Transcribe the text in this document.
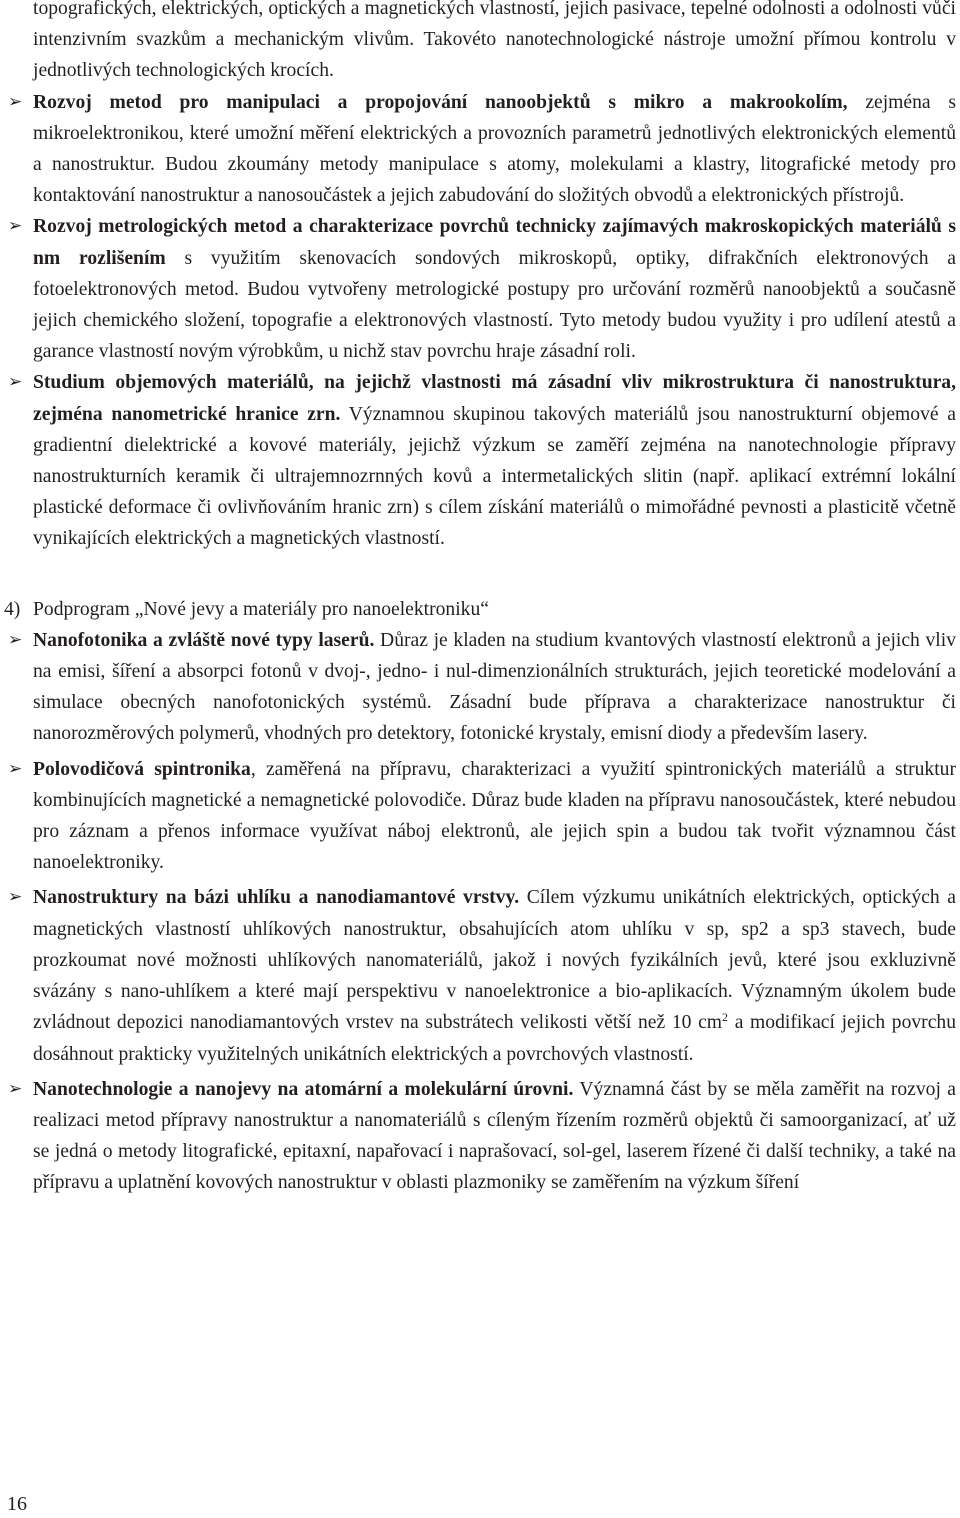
topografických, elektrických, optických a magnetických vlastností, jejich pasivace, tepelné odolnosti a odolnosti vůči intenzivním svazkům a mechanickým vlivům. Takovéto nanotechnologické nástroje umožní přímou kontrolu v jednotlivých technologických krocích.

➢ Rozvoj metod pro manipulaci a propojování nanoobjektů s mikro a makrookolím, zejména s mikroelektronikou, které umožní měření elektrických a provozních parametrů jednotlivých elektronických elementů a nanostruktur. Budou zkoumány metody manipulace s atomy, molekulami a klastry, litografické metody pro kontaktování nanostruktur a nanosoučástek a jejich zabudování do složitých obvodů a elektronických přístrojů.

➢ Rozvoj metrologických metod a charakterizace povrchů technicky zajímavých makroskopických materiálů s nm rozlišením s využitím skenovacích sondových mikroskopů, optiky, difrakčních elektronových a fotoelektronových metod. Budou vytvořeny metrologické postupy pro určování rozměrů nanoobjektů a současně jejich chemického složení, topografie a elektronových vlastností. Tyto metody budou využity i pro udílení atestů a garance vlastností novým výrobkům, u nichž stav povrchu hraje zásadní roli.

➢ Studium objemových materiálů, na jejichž vlastnosti má zásadní vliv mikrostruktura či nanostruktura, zejména nanometrické hranice zrn. Významnou skupinou takových materiálů jsou nanostrukturní objemové a gradientní dielektrické a kovové materiály, jejichž výzkum se zaměří zejména na nanotechnologie přípravy nanostrukturních keramik či ultrajemnozrnných kovů a intermetalických slitin (např. aplikací extrémní lokální plastické deformace či ovlivňováním hranic zrn) s cílem získání materiálů o mimořádné pevnosti a plasticitě včetně vynikajících elektrických a magnetických vlastností.

4) Podprogram „Nové jevy a materiály pro nanoelektroniku“

➢ Nanofotonika a zvláště nové typy laserů. Důraz je kladen na studium kvantových vlastností elektronů a jejich vliv na emisi, šíření a absorpci fotonů v dvoj-, jedno- i nul-dimenzionálních strukturách, jejich teoretické modelování a simulace obecných nanofotonických systémů. Zásadní bude příprava a charakterizace nanostruktur či nanorozměrových polymerů, vhodných pro detektory, fotonické krystaly, emisní diody a především lasery.

➢ Polovodičová spintronika, zaměřená na přípravu, charakterizaci a využití spintronických materiálů a struktur kombinujících magnetické a nemagnetické polovodiče. Důraz bude kladen na přípravu nanosoučástek, které nebudou pro záznam a přenos informace využívat náboj elektronů, ale jejich spin a budou tak tvořit významnou část nanoelektroniky.

➢ Nanostruktury na bázi uhlíku a nanodiamantové vrstvy. Cílem výzkumu unikátních elektrických, optických a magnetických vlastností uhlíkových nanostruktur, obsahujících atom uhlíku v sp, sp2 a sp3 stavech, bude prozkoumat nové možnosti uhlíkových nanomateriálů, jakož i nových fyzikálních jevů, které jsou exkluzivně svázány s nano-uhlíkem a které mají perspektivu v nanoelektronice a bio-aplikacích. Významným úkolem bude zvládnout depozici nanodiamantových vrstev na substrátech velikosti větší než 10 $cm^2$ a modifikací jejich povrchu dosáhnout prakticky využitelných unikátních elektrických a povrchových vlastností.

➢ Nanotechnologie a nanojevy na atomární a molekulární úrovni. Významná část by se měla zaměřit na rozvoj a realizaci metod přípravy nanostruktur a nanomateriálů s cíleným řízením rozměrů objektů či samoorganizací, ať už se jedná o metody litografické, epitaxní, napařovací i naprašovací, sol-gel, laserem řízené či další techniky, a také na přípravu a uplatnění kovových nanostruktur v oblasti plazmoniky se zaměřením na výzkum šíření

16
